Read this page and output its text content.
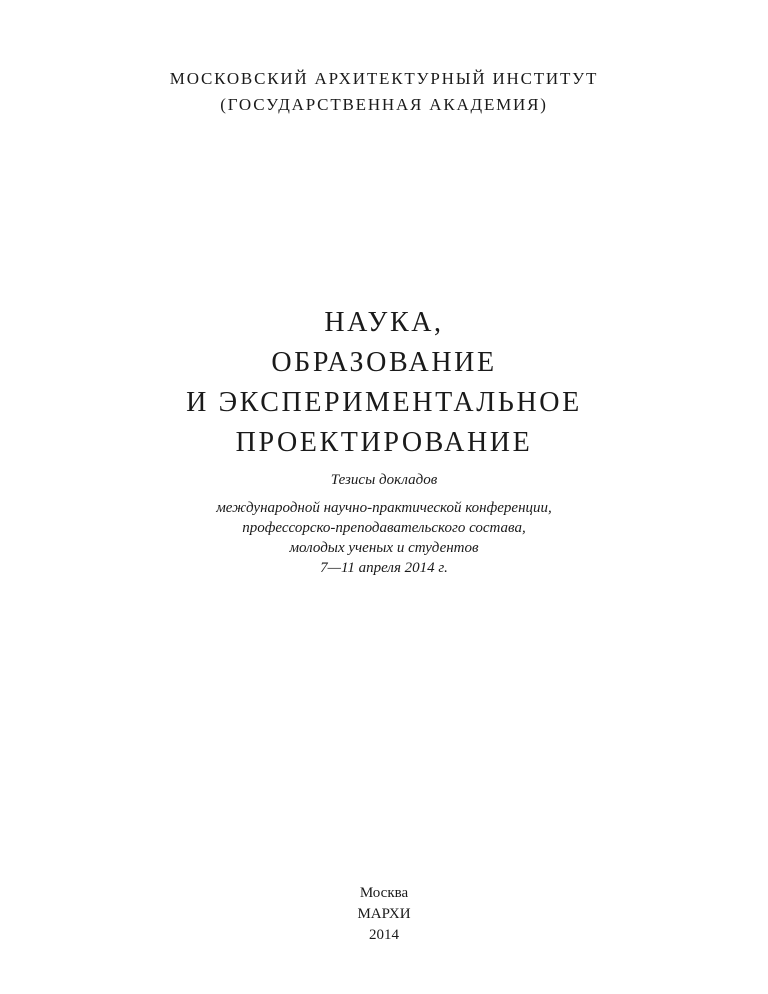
МОСКОВСКИЙ АРХИТЕКТУРНЫЙ ИНСТИТУТ
(ГОСУДАРСТВЕННАЯ АКАДЕМИЯ)
НАУКА,
ОБРАЗОВАНИЕ
И ЭКСПЕРИМЕНТАЛЬНОЕ
ПРОЕКТИРОВАНИЕ
Тезисы докладов
международной научно-практической конференции,
профессорско-преподавательского состава,
молодых ученых и студентов
7—11 апреля 2014 г.
Москва
МАРХИ
2014
